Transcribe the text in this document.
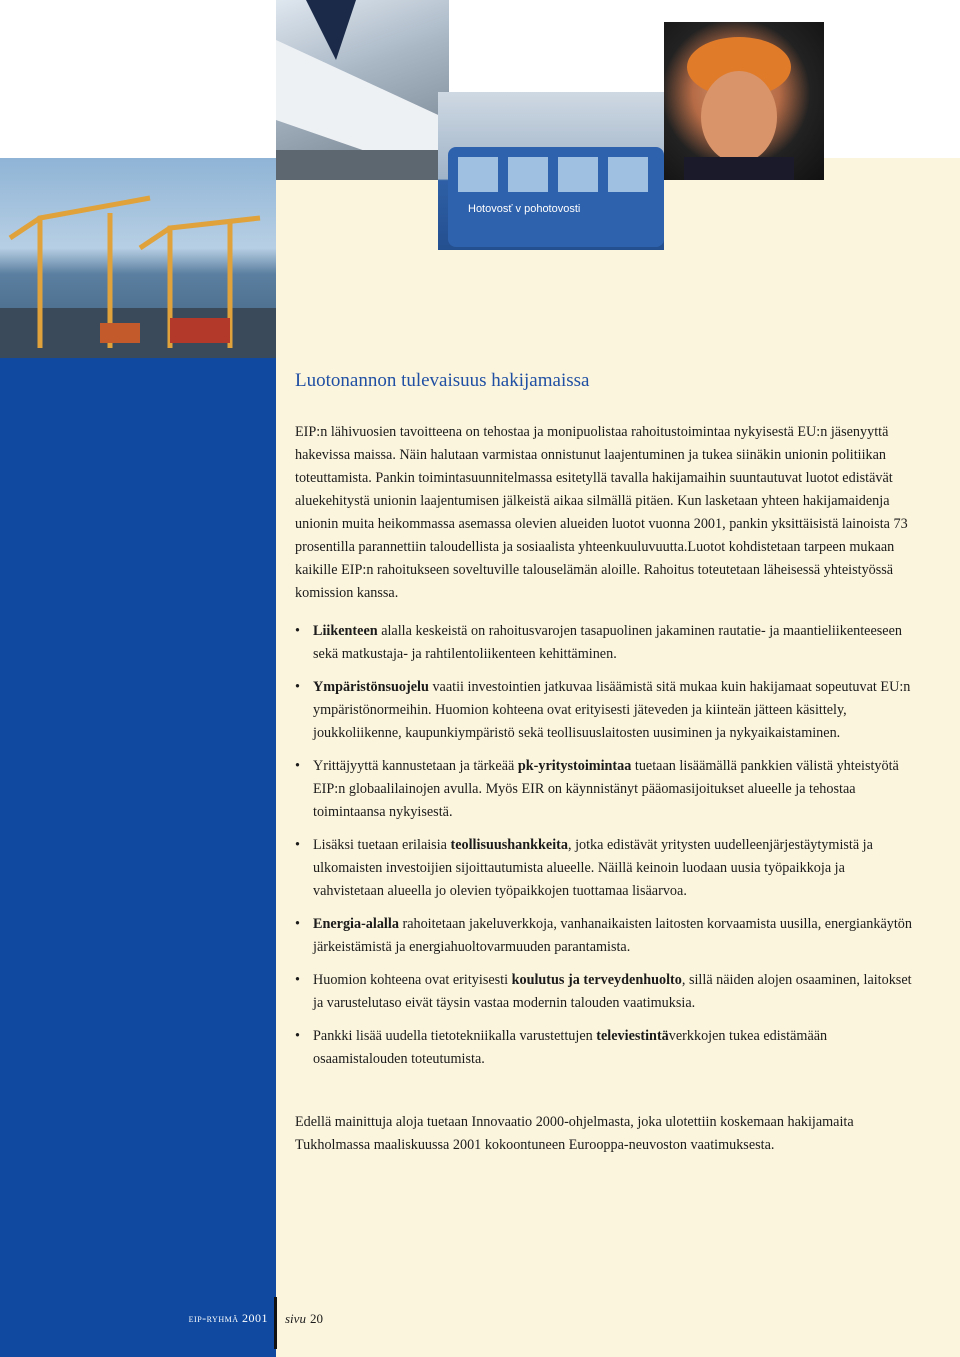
Hotovosť v pohotovosti
Luotonannon tulevaisuus hakijamaissa

EIP:n lähivuosien tavoitteena on tehostaa ja monipuolistaa rahoitustoimintaa nykyisestä EU:n jäsenyyttä hakevissa maissa. Näin halutaan varmistaa onnistunut laajentuminen ja tukea siinäkin unionin politiikan toteuttamista. Pankin toimintasuunnitelmassa esitetyllä tavalla hakijamaihin suuntautuvat luotot edistävät aluekehitystä unionin laajentumisen jälkeistä aikaa silmällä pitäen. Kun lasketaan yhteen hakijamaidenja unionin muita heikommassa asemassa olevien alueiden luotot vuonna 2001, pankin yksittäisistä lainoista 73 prosentilla parannettiin taloudellista ja sosiaalista yhteenkuuluvuutta.Luotot kohdistetaan tarpeen mukaan kaikille EIP:n rahoitukseen soveltuville talouselämän aloille. Rahoitus toteutetaan läheisessä yhteistyössä komission kanssa.

• Liikenteen alalla keskeistä on rahoitusvarojen tasapuolinen jakaminen rautatie- ja maantieliikenteeseen sekä matkustaja- ja rahtilentoliikenteen kehittäminen.
• Ympäristönsuojelu vaatii investointien jatkuvaa lisäämistä sitä mukaa kuin hakijamaat sopeutuvat EU:n ympäristönormeihin. Huomion kohteena ovat erityisesti jäteveden ja kiinteän jätteen käsittely, joukkoliikenne, kaupunkiympäristö sekä teollisuuslaitosten uusiminen ja nykyaikaistaminen.
• Yrittäjyyttä kannustetaan ja tärkeää pk-yritystoimintaa tuetaan lisäämällä pankkien välistä yhteistyötä EIP:n globaalilainojen avulla. Myös EIR on käynnistänyt pääomasijoitukset alueelle ja tehostaa toimintaansa nykyisestä.
• Lisäksi tuetaan erilaisia teollisuushankkeita, jotka edistävät yritysten uudelleenjärjestäytymistä ja ulkomaisten investoijien sijoittautumista alueelle. Näillä keinoin luodaan uusia työpaikkoja ja vahvistetaan alueella jo olevien työpaikkojen tuottamaa lisäarvoa.
• Energia-alalla rahoitetaan jakeluverkkoja, vanhanaikaisten laitosten korvaamista uusilla, energiankäytön järkeistämistä ja energiahuoltovarmuuden parantamista.
• Huomion kohteena ovat erityisesti koulutus ja terveydenhuolto, sillä näiden alojen osaaminen, laitokset ja varustelutaso eivät täysin vastaa modernin talouden vaatimuksia.
• Pankki lisää uudella tietotekniikalla varustettujen televiestintäverkkojen tukea edistämään osaamistalouden toteutumista.

Edellä mainittuja aloja tuetaan Innovaatio 2000-ohjelmasta, joka ulotettiin koskemaan hakijamaita Tukholmassa maaliskuussa 2001 kokoontuneen Eurooppa-neuvoston vaatimuksesta.

eip-ryhmä 2001 sivu 20
